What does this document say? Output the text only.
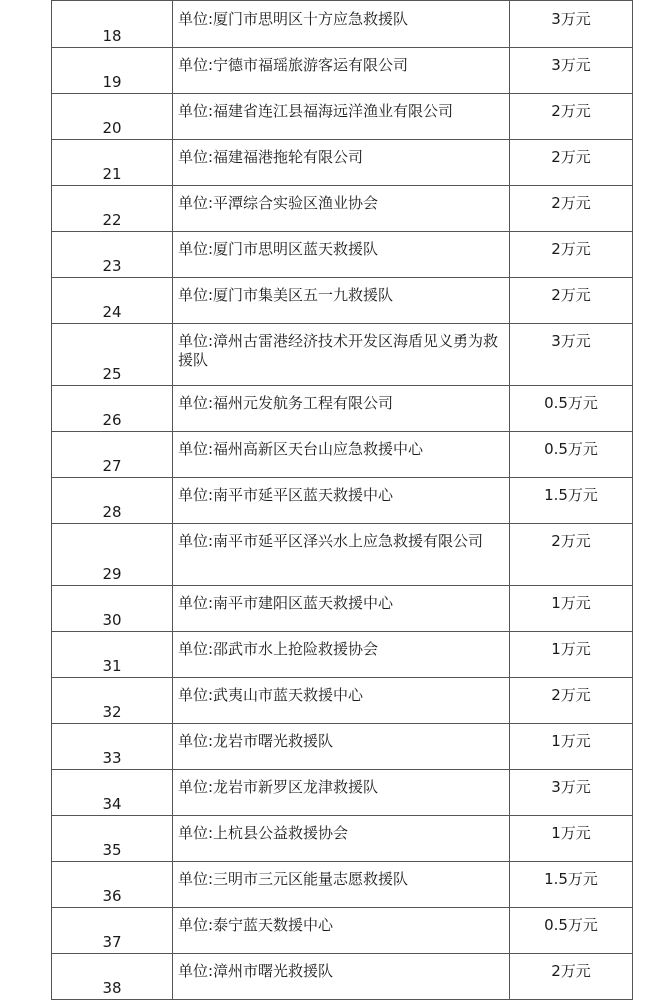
18	单位:厦门市思明区十方应急救援队	3万元
19	单位:宁德市福瑶旅游客运有限公司	3万元
20	单位:福建省连江县福海远洋渔业有限公司	2万元
21	单位:福建福港拖轮有限公司	2万元
22	单位:平潭综合实验区渔业协会	2万元
23	单位:厦门市思明区蓝天救援队	2万元
24	单位:厦门市集美区五一九救援队	2万元
25	单位:漳州古雷港经济技术开发区海盾见义勇为救援队	3万元
26	单位:福州元发航务工程有限公司	0.5万元
27	单位:福州高新区天台山应急救援中心	0.5万元
28	单位:南平市延平区蓝天救援中心	1.5万元
29	单位:南平市延平区泽兴水上应急救援有限公司	2万元
30	单位:南平市建阳区蓝天救援中心	1万元
31	单位:邵武市水上抢险救援协会	1万元
32	单位:武夷山市蓝天救援中心	2万元
33	单位:龙岩市曙光救援队	1万元
34	单位:龙岩市新罗区龙津救援队	3万元
35	单位:上杭县公益救援协会	1万元
36	单位:三明市三元区能量志愿救援队	1.5万元
37	单位:泰宁蓝天数援中心	0.5万元
38	单位:漳州市曙光救援队	2万元
